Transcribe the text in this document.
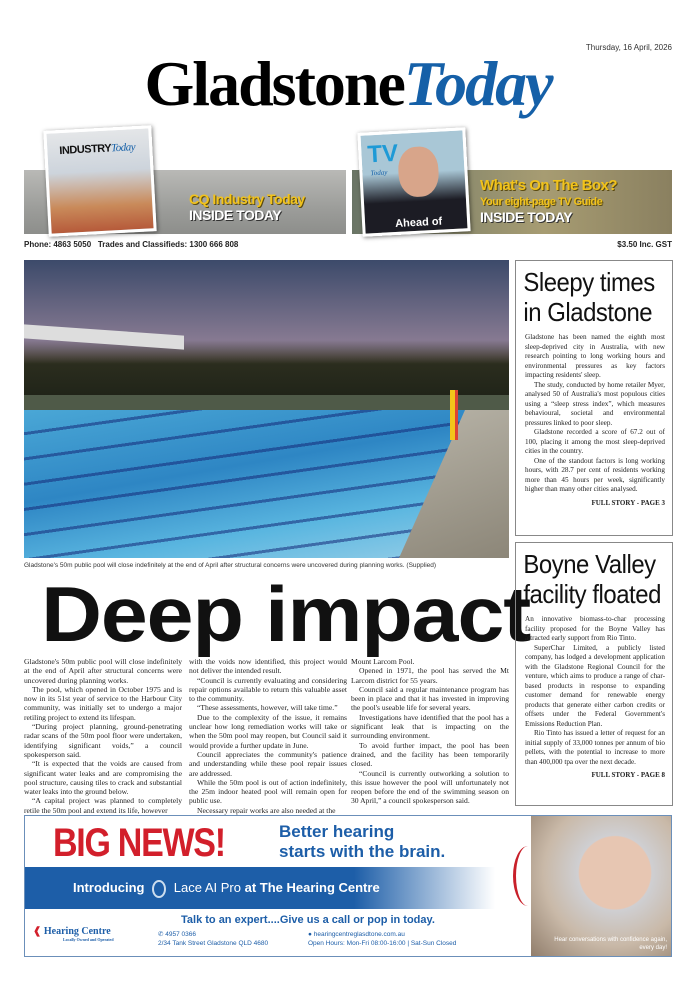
Thursday, 16 April, 2026
GladstoneToday
INDUSTRYToday
CQ Industry Today
INSIDE TODAY
TV
Today
Ahead of
What's On The Box?
Your eight-page TV Guide
INSIDE TODAY
Phone: 4863 5050   Trades and Classifieds: 1300 666 808	$3.50 Inc. GST
Gladstone's 50m public pool will close indefinitely at the end of April after structural concerns were uncovered during planning works. (Supplied)
Deep impact

Gladstone's 50m public pool will close indefinitely at the end of April after structural concerns were uncovered during planning works.

The pool, which opened in October 1975 and is now in its 51st year of service to the Harbour City community, was initially set to undergo a major retiling project to extend its lifespan.

“During project planning, ground-penetrating radar scans of the 50m pool floor were undertaken, identifying significant voids,” a council spokesperson said.

“It is expected that the voids are caused from significant water leaks and are compromising the pool structure, causing tiles to crack and substantial water leaks into the ground below.

“A capital project was planned to completely retile the 50m pool and extend its life, however

with the voids now identified, this project would not deliver the intended result.

“Council is currently evaluating and considering repair options available to return this valuable asset to the community.

“These assessments, however, will take time.”

Due to the complexity of the issue, it remains unclear how long remediation works will take or when the 50m pool may reopen, but Council said it would provide a further update in June.

Council appreciates the community's patience and understanding while these pool repair issues are addressed.

While the 50m pool is out of action indefinitely, the 25m indoor heated pool will remain open for public use.

Necessary repair works are also needed at the

Mount Larcom Pool.

Opened in 1971, the pool has served the Mt Larcom district for 55 years.

Council said a regular maintenance program has been in place and that it has invested in improving the pool's useable life for several years.

Investigations have identified that the pool has a significant leak that is impacting on the surrounding environment.

To avoid further impact, the pool has been drained, and the facility has been temporarily closed.

“Council is currently outworking a solution to this issue however the pool will unfortunately not reopen before the end of the swimming season on 30 April,” a council spokesperson said.

Sleepy times in Gladstone

Gladstone has been named the eighth most sleep-deprived city in Australia, with new research pointing to long working hours and environmental pressures as key factors impacting residents' sleep.

The study, conducted by home retailer Myer, analysed 50 of Australia's most populous cities using a “sleep stress index”, which measures behavioural, societal and environmental pressures linked to poor sleep.

Gladstone recorded a score of 67.2 out of 100, placing it among the most sleep-deprived cities in the country.

One of the standout factors is long working hours, with 28.7 per cent of residents working more than 45 hours per week, significantly higher than many other cities analysed.

FULL STORY - PAGE 3
Boyne Valley facility floated

An innovative biomass-to-char processing facility proposed for the Boyne Valley has attracted early support from Rio Tinto.

SuperChar Limited, a publicly listed company, has lodged a development application with the Gladstone Regional Council for the venture, which aims to produce a range of char-based products in response to expanding customer demand for renewable energy products that generate either carbon credits or offsets under the Federal Government's Emissions Reduction Plan.

Rio Tinto has issued a letter of request for an initial supply of 33,000 tonnes per annum of bio pellets, with the potential to increase to more than 400,000 tpa over the next decade.

FULL STORY - PAGE 8
BIG NEWS!	Better hearing
starts with the brain.
Introducing Lace AI Pro at The Hearing Centre
Talk to an expert....Give us a call or pop in today.
❰ Hearing Centre
Locally Owned and Operated
✆ 4957 0366
2/34 Tank Street Gladstone QLD 4680
● hearingcentreglasdtone.com.au
Open Hours: Mon-Fri 08:00-16:00 | Sat-Sun Closed	Hear conversations with confidence again, every day!
